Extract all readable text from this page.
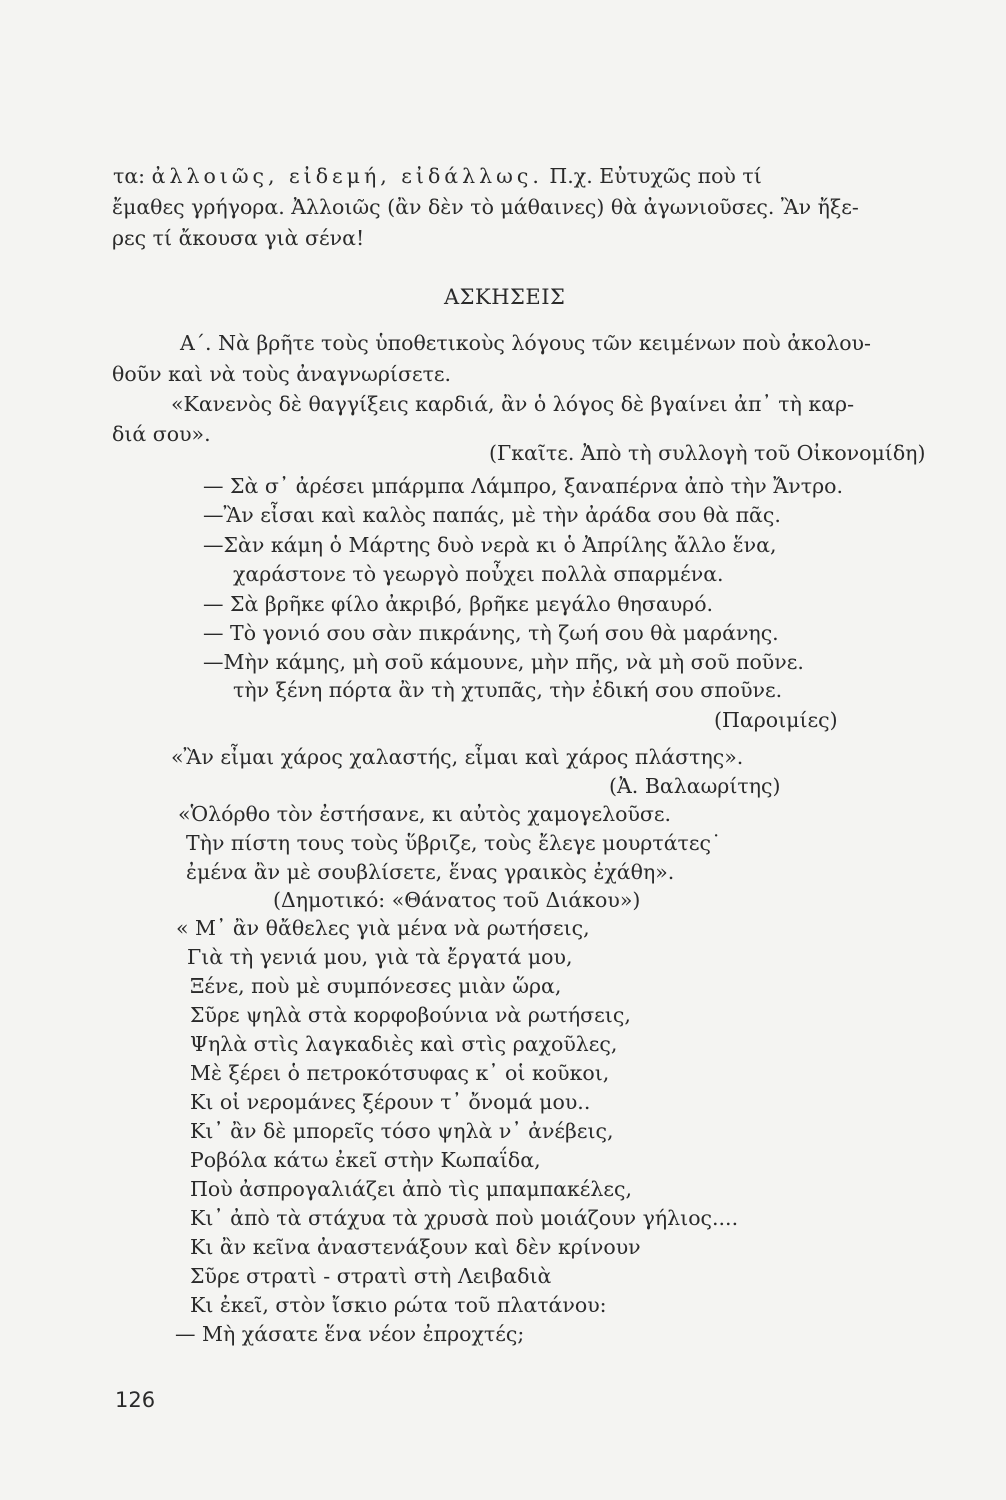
τα: ἀλλοιῶς, εἰδεμή, εἰδάλλως. Π.χ. Εὐτυχῶς ποὺ τί
ἔμαθες γρήγορα. Ἀλλοιῶς (ἂν δὲν τὸ μάθαινες) θὰ ἀγωνιοῦσες. Ἂν ἤξε-
ρες τί ἄκουσα γιὰ σένα!
ΑΣΚΗΣΕΙΣ
Α΄. Νὰ βρῆτε τοὺς ὑποθετικοὺς λόγους τῶν κειμένων ποὺ ἀκολου-
θοῦν καὶ νὰ τοὺς ἀναγνωρίσετε.
«Κανενὸς δὲ θαγγίξεις καρδιά, ἂν ὁ λόγος δὲ βγαίνει ἀπ᾿ τὴ καρ-
διά σου».
(Γκαῖτε. Ἀπὸ τὴ συλλογὴ τοῦ Οἰκονομίδη)
— Σὰ σ᾿ ἀρέσει μπάρμπα Λάμπρο, ξαναπέρνα ἀπὸ τὴν Ἄντρο.
—Ἂν εἶσαι καὶ καλὸς παπάς, μὲ τὴν ἀράδα σου θὰ πᾶς.
—Σὰν κάμη ὁ Μάρτης δυὸ νερὰ κι ὁ Ἀπρίλης ἄλλο ἕνα,
χαράστονε τὸ γεωργὸ ποὖχει πολλὰ σπαρμένα.
— Σὰ βρῆκε φίλο ἀκριβό, βρῆκε μεγάλο θησαυρό.
— Τὸ γονιό σου σὰν πικράνης, τὴ ζωή σου θὰ μαράνης.
—Μὴν κάμης, μὴ σοῦ κάμουνε, μὴν πῆς, νὰ μὴ σοῦ ποῦνε.
τὴν ξένη πόρτα ἂν τὴ χτυπᾶς, τὴν ἐδική σου σποῦνε.
(Παροιμίες)
«Ἂν εἶμαι χάρος χαλαστής, εἶμαι καὶ χάρος πλάστης».
(Ἀ. Βαλαωρίτης)
«Ὁλόρθο τὸν ἐστήσανε, κι αὐτὸς χαμογελοῦσε.
Τὴν πίστη τους τοὺς ὕβριζε, τοὺς ἔλεγε μουρτάτες˙
ἐμένα ἂν μὲ σουβλίσετε, ἕνας γραικὸς ἐχάθη».
(Δημοτικό: «Θάνατος τοῦ Διάκου»)
« Μ᾿ ἂν θἄθελες γιὰ μένα νὰ ρωτήσεις,
Γιὰ τὴ γενιά μου, γιὰ τὰ ἔργατά μου,
Ξένε, ποὺ μὲ συμπόνεσες μιὰν ὥρα,
Σῦρε ψηλὰ στὰ κορφοβούνια νὰ ρωτήσεις,
Ψηλὰ στὶς λαγκαδιὲς καὶ στὶς ραχοῦλες,
Μὲ ξέρει ὁ πετροκότσυφας κ᾿ οἱ κοῦκοι,
Κι οἱ νερομάνες ξέρουν τ᾿ ὄνομά μου..
Κι᾿ ἂν δὲ μπορεῖς τόσο ψηλὰ ν᾿ ἀνέβεις,
Ροβόλα κάτω ἐκεῖ στὴν Κωπαΐδα,
Ποὺ ἀσπρογαλιάζει ἀπὸ τὶς μπαμπακέλες,
Κι᾿ ἀπὸ τὰ στάχυα τὰ χρυσὰ ποὺ μοιάζουν γήλιος....
Κι ἂν κεῖνα ἀναστενάξουν καὶ δὲν κρίνουν
Σῦρε στρατὶ - στρατὶ στὴ Λειβαδιὰ
Κι ἐκεῖ, στὸν ἴσκιο ρώτα τοῦ πλατάνου:
— Μὴ χάσατε ἕνα νέον ἐπροχτές;
126
